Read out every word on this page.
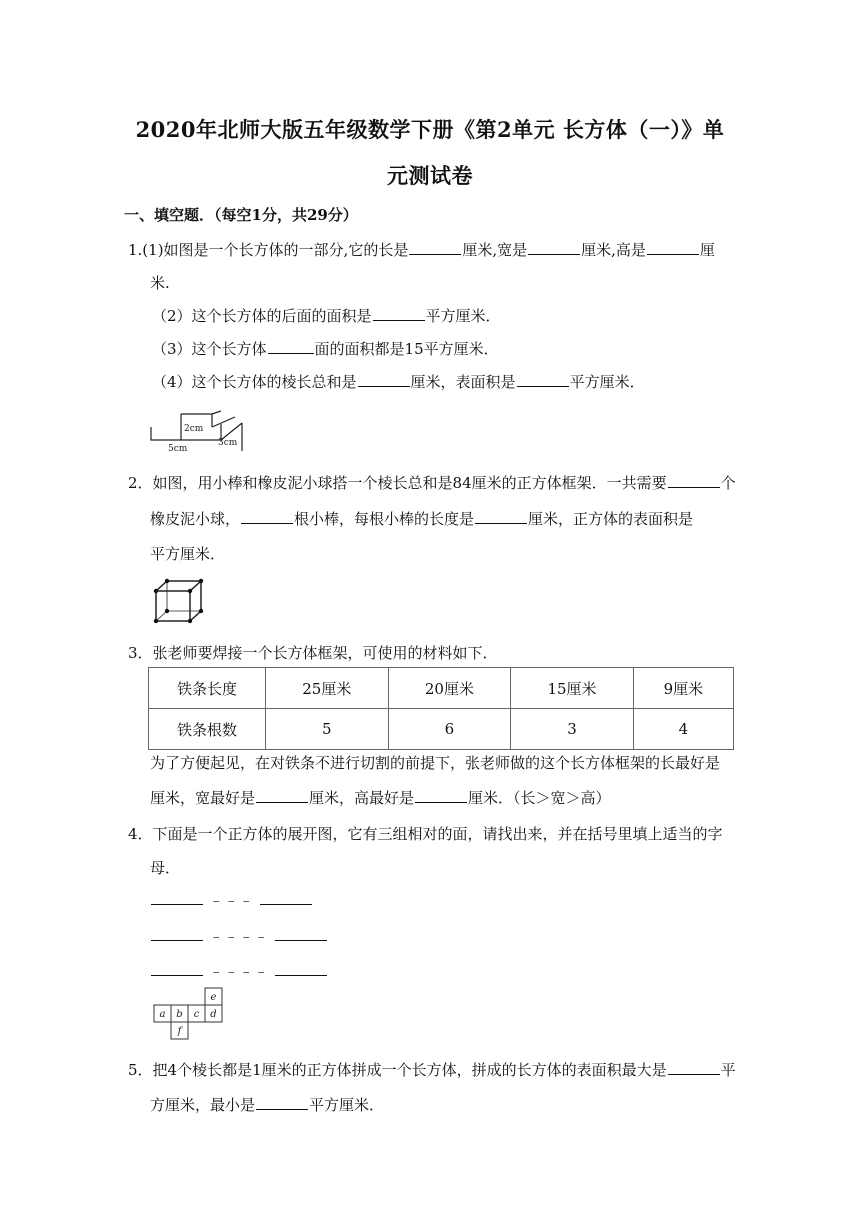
2020年北师大版五年级数学下册《第2单元 长方体（一）》单
元测试卷
一、填空题．（每空1分，共29分）
1.(1)如图是一个长方体的一部分,它的长是	厘米,宽是	厘米,高是	厘
米.
（2）这个长方体的后面的面积是	平方厘米．
（3）这个长方体	面的面积都是15平方厘米．
（4）这个长方体的棱长总和是	厘米，表面积是	平方厘米．
2cm
5cm
3cm
2．如图，用小棒和橡皮泥小球搭一个棱长总和是84厘米的正方体框架．一共需要	个
橡皮泥小球，	根小棒，每根小棒的长度是	厘米，正方体的表面积是
平方厘米．
3．张老师要焊接一个长方体框架，可使用的材料如下．
铁条长度	25厘米	20厘米	15厘米	9厘米
铁条根数	5	6	3	4
为了方便起见，在对铁条不进行切割的前提下，张老师做的这个长方体框架的长最好是
厘米，宽最好是	厘米，高最好是	厘米．（长＞宽＞高）
4．下面是一个正方体的展开图，它有三组相对的面，请找出来，并在括号里填上适当的字
母．
﹣﹣﹣
﹣﹣﹣﹣
﹣﹣﹣﹣
a b c d
e
f
5．把4个棱长都是1厘米的正方体拼成一个长方体，拼成的长方体的表面积最大是	平
方厘米，最小是	平方厘米．
